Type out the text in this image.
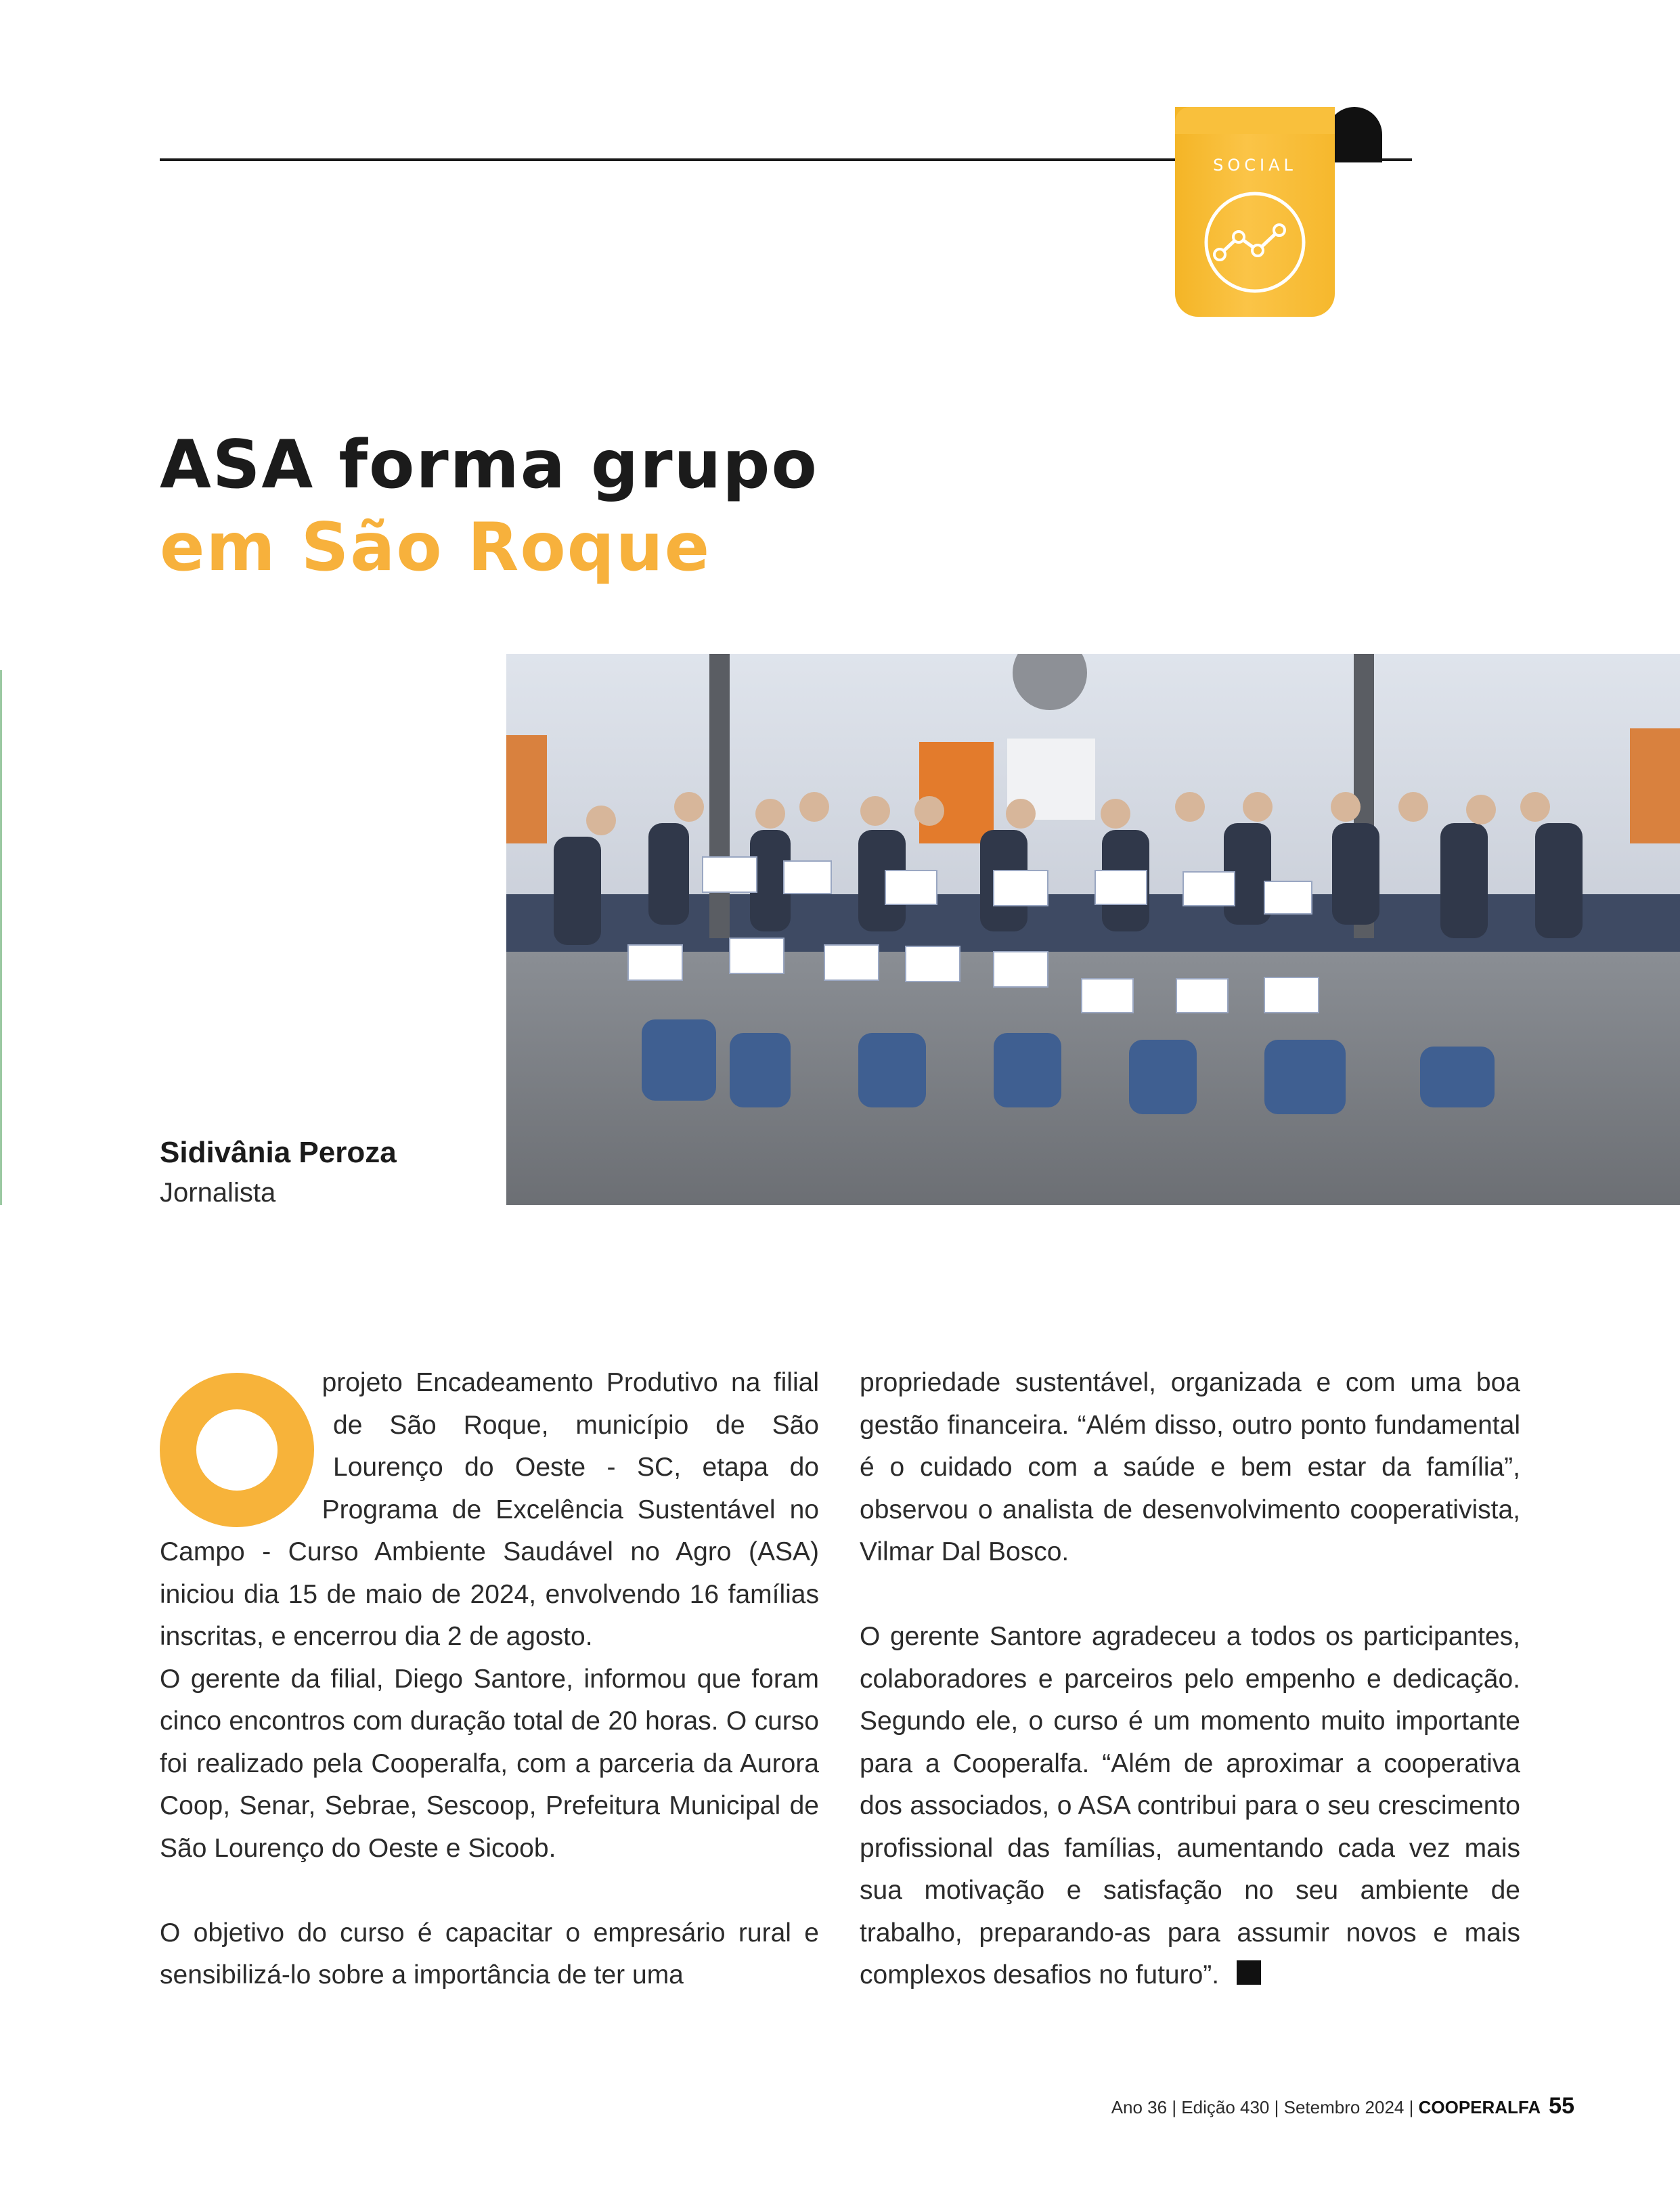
SOCIAL
ASA forma grupo
em São Roque
Sidivânia Peroza
Jornalista

projeto Encadeamento Produtivo na filial de São Roque, município de São Lourenço do Oeste - SC, etapa do Programa de Excelência Sustentável no Campo - Curso Ambiente Saudável no Agro (ASA) iniciou dia 15 de maio de 2024, envolvendo 16 famílias inscritas, e encerrou dia 2 de agosto.

O gerente da filial, Diego Santore, informou que foram cinco encontros com duração total de 20 horas. O curso foi realizado pela Cooperalfa, com a parceria da Aurora Coop, Senar, Sebrae, Sescoop, Prefeitura Municipal de São Lourenço do Oeste e Sicoob.

O objetivo do curso é capacitar o empresário rural e sensibilizá-lo sobre a importância de ter uma

propriedade sustentável, organizada e com uma boa gestão financeira. “Além disso, outro ponto fundamental é o cuidado com a saúde e bem estar da família”, observou o analista de desenvolvimento cooperativista, Vilmar Dal Bosco.

O gerente Santore agradeceu a todos os participantes, colaboradores e parceiros pelo empenho e dedicação. Segundo ele, o curso é um momento muito importante para a Cooperalfa. “Além de aproximar a cooperativa dos associados, o ASA contribui para o seu crescimento profissional das famílias, aumentando cada vez mais sua motivação e satisfação no seu ambiente de trabalho, preparando-as para assumir novos e mais complexos desafios no futuro”.

Ano 36 | Edição 430 | Setembro 2024 | COOPERALFA 55
